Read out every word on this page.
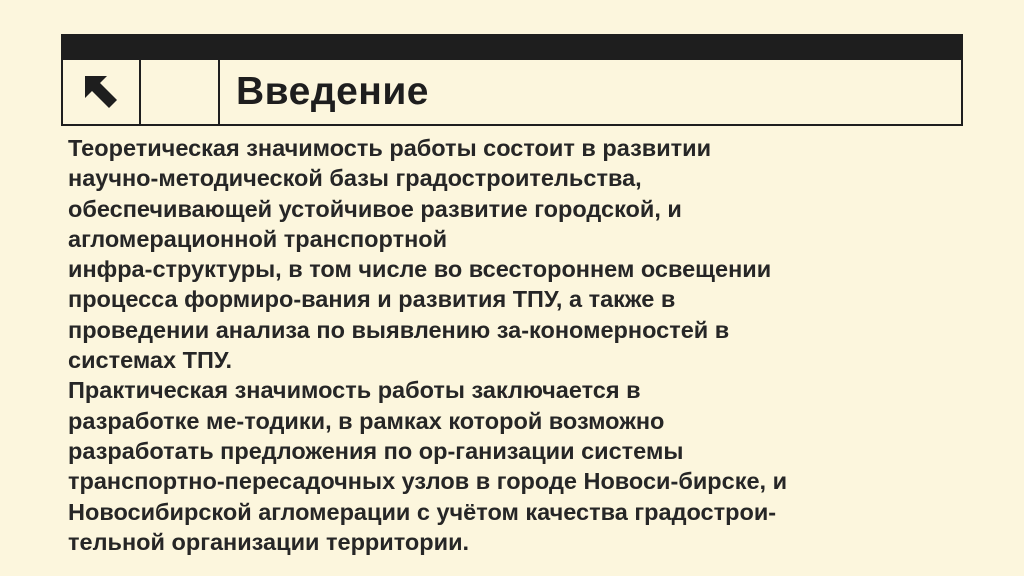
Введение
Теоретическая значимость работы состоит в развитии
научно-методической базы градостроительства,
обеспечивающей устойчивое развитие городской, и
агломерационной транспортной
инфра-структуры, в том числе во всестороннем освещении
процесса формиро-вания и развития ТПУ, а также в
проведении анализа по выявлению за-кономерностей в
системах ТПУ.
Практическая значимость работы заключается в
разработке ме-тодики, в рамках которой возможно
разработать предложения по ор-ганизации системы
транспортно-пересадочных узлов в городе Новоси-бирске, и
Новосибирской агломерации с учётом качества градострои-
тельной организации территории.
